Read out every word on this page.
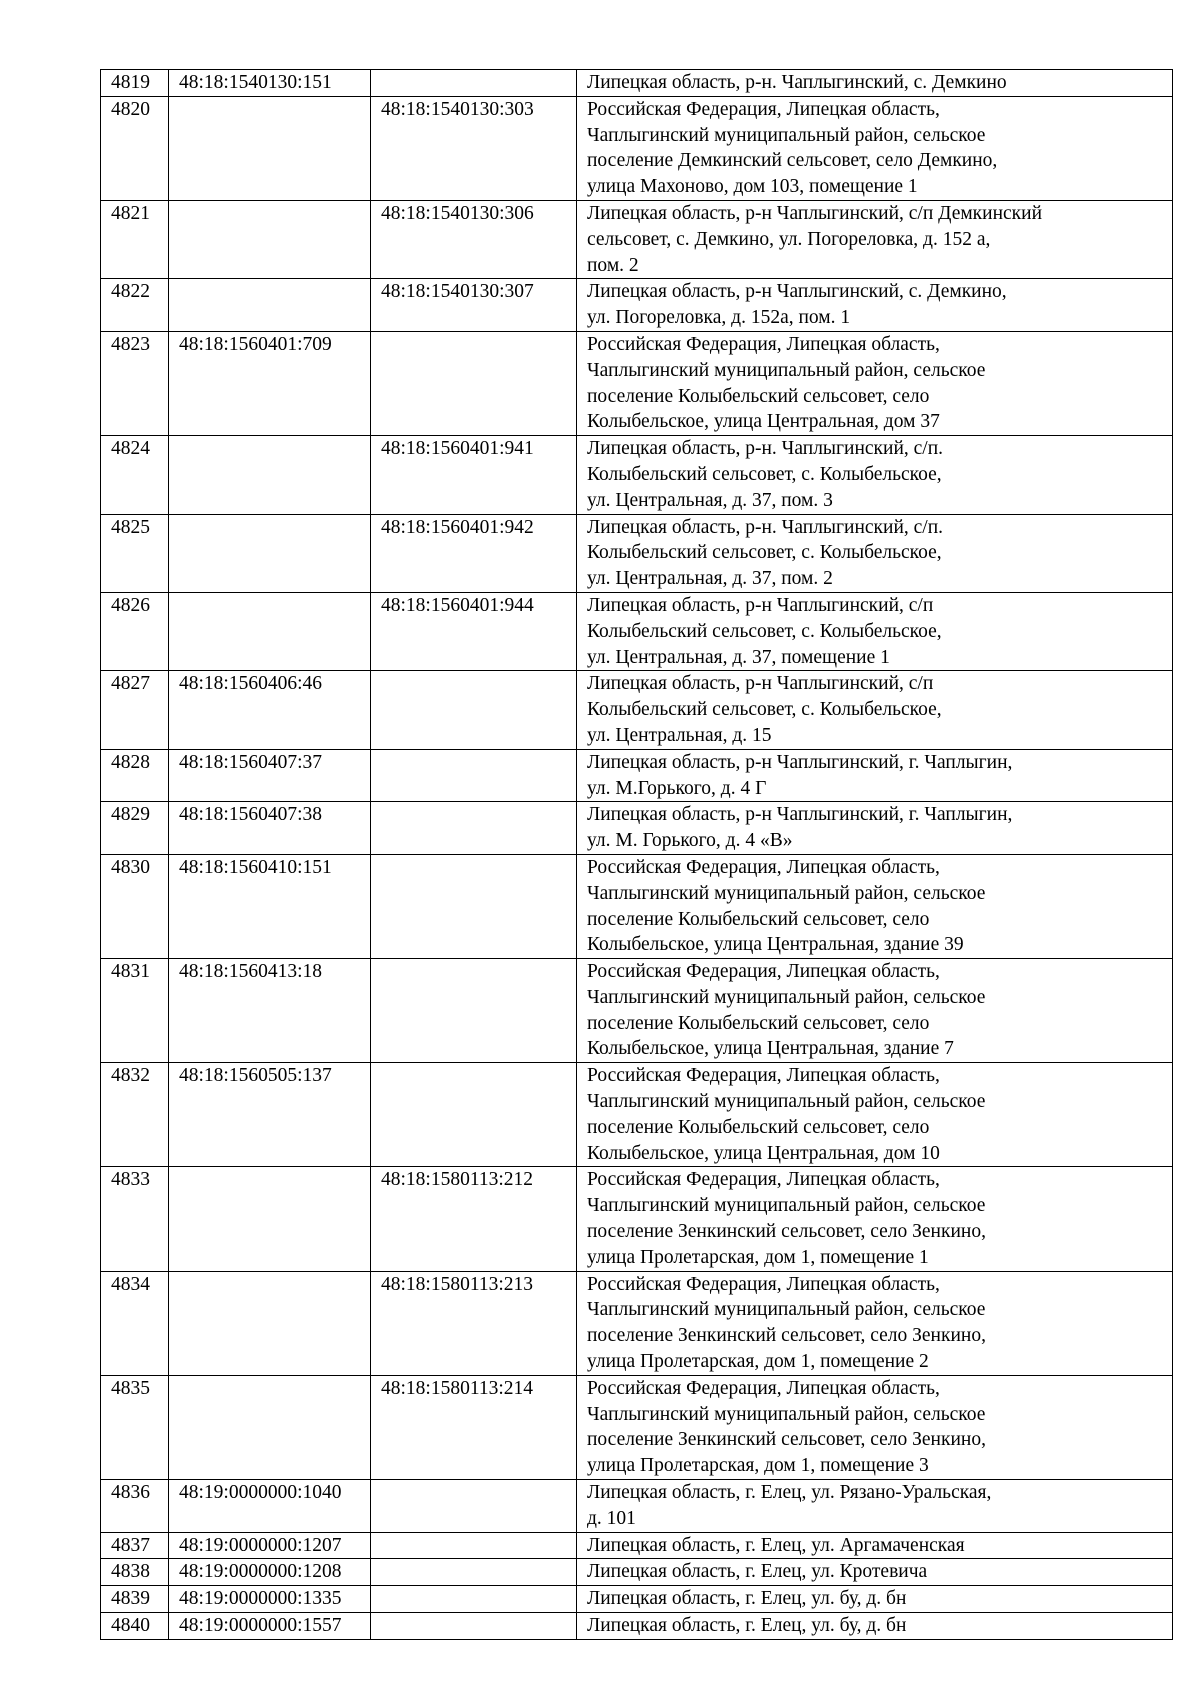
4819	48:18:1540130:151		Липецкая область, р-н. Чаплыгинский, с. Демкино

4820		48:18:1540130:303	Российская Федерация, Липецкая область,
Чаплыгинский муниципальный район, сельское
поселение Демкинский сельсовет, село Демкино,
улица Махоново, дом 103, помещение 1

4821		48:18:1540130:306	Липецкая область, р-н Чаплыгинский, с/п Демкинский
сельсовет, с. Демкино, ул. Погореловка, д. 152 а,
пом. 2

4822		48:18:1540130:307	Липецкая область, р-н Чаплыгинский, с. Демкино,
ул. Погореловка, д. 152а, пом. 1

4823	48:18:1560401:709		Российская Федерация, Липецкая область,
Чаплыгинский муниципальный район, сельское
поселение Колыбельский сельсовет, село
Колыбельское, улица Центральная, дом 37

4824		48:18:1560401:941	Липецкая область, р-н. Чаплыгинский, с/п.
Колыбельский сельсовет, с. Колыбельское,
ул. Центральная, д. 37, пом. 3

4825		48:18:1560401:942	Липецкая область, р-н. Чаплыгинский, с/п.
Колыбельский сельсовет, с. Колыбельское,
ул. Центральная, д. 37, пом. 2

4826		48:18:1560401:944	Липецкая область, р-н Чаплыгинский, с/п
Колыбельский сельсовет, с. Колыбельское,
ул. Центральная, д. 37, помещение 1

4827	48:18:1560406:46		Липецкая область, р-н Чаплыгинский, с/п
Колыбельский сельсовет, с. Колыбельское,
ул. Центральная, д. 15

4828	48:18:1560407:37		Липецкая область, р-н Чаплыгинский, г. Чаплыгин,
ул. М.Горького, д. 4 Г

4829	48:18:1560407:38		Липецкая область, р-н Чаплыгинский, г. Чаплыгин,
ул. М. Горького, д. 4 «В»

4830	48:18:1560410:151		Российская Федерация, Липецкая область,
Чаплыгинский муниципальный район, сельское
поселение Колыбельский сельсовет, село
Колыбельское, улица Центральная, здание 39

4831	48:18:1560413:18		Российская Федерация, Липецкая область,
Чаплыгинский муниципальный район, сельское
поселение Колыбельский сельсовет, село
Колыбельское, улица Центральная, здание 7

4832	48:18:1560505:137		Российская Федерация, Липецкая область,
Чаплыгинский муниципальный район, сельское
поселение Колыбельский сельсовет, село
Колыбельское, улица Центральная, дом 10

4833		48:18:1580113:212	Российская Федерация, Липецкая область,
Чаплыгинский муниципальный район, сельское
поселение Зенкинский сельсовет, село Зенкино,
улица Пролетарская, дом 1, помещение 1

4834		48:18:1580113:213	Российская Федерация, Липецкая область,
Чаплыгинский муниципальный район, сельское
поселение Зенкинский сельсовет, село Зенкино,
улица Пролетарская, дом 1, помещение 2

4835		48:18:1580113:214	Российская Федерация, Липецкая область,
Чаплыгинский муниципальный район, сельское
поселение Зенкинский сельсовет, село Зенкино,
улица Пролетарская, дом 1, помещение 3

4836	48:19:0000000:1040		Липецкая область, г. Елец, ул. Рязано-Уральская,
д. 101

4837	48:19:0000000:1207		Липецкая область, г. Елец, ул. Аргамаченская

4838	48:19:0000000:1208		Липецкая область, г. Елец, ул. Кротевича

4839	48:19:0000000:1335		Липецкая область, г. Елец, ул. бу, д. бн

4840	48:19:0000000:1557		Липецкая область, г. Елец, ул. бу, д. бн
